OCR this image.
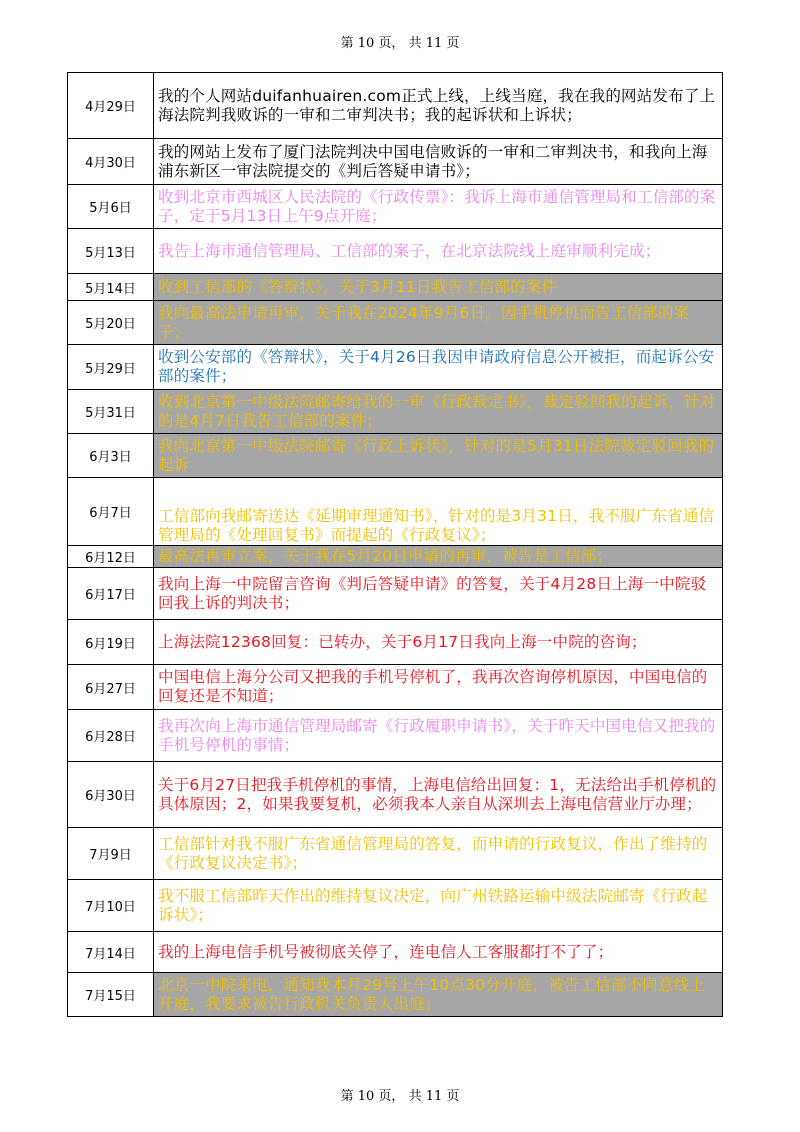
第 10 页， 共 11 页
4月29日	我的个人网站duifanhuairen.com正式上线，上线当庭，我在我的网站发布了上海法院判我败诉的一审和二审判决书；我的起诉状和上诉状；
4月30日	我的网站上发布了厦门法院判决中国电信败诉的一审和二审判决书，和我向上海浦东新区一审法院提交的《判后答疑申请书》；
5月6日	收到北京市西城区人民法院的《行政传票》：我诉上海市通信管理局和工信部的案子，定于5月13日上午9点开庭；
5月13日	我告上海市通信管理局、工信部的案子，在北京法院线上庭审顺利完成；
5月14日	收到工信部的《答辩状》，关于3月11日我告工信部的案件
5月20日	我向最高法申请再审，关于我在2024年9月6日，因手机停机而告工信部的案子；
5月29日	收到公安部的《答辩状》，关于4月26日我因申请政府信息公开被拒，而起诉公安部的案件；
5月31日	收到北京第一中级法院邮寄给我的一审《行政裁定书》，裁定驳回我的起诉，针对的是4月7日我告工信部的案件；
6月3日	我向北京第一中级法院邮寄《行政上诉状》，针对的是5月31日法院裁定驳回我的起诉
6月7日	工信部向我邮寄送达《延期审理通知书》，针对的是3月31日，我不服广东省通信管理局的《处理回复书》而提起的《行政复议》；
6月12日	最高法再审立案，关于我在5月20日申请的再审，被告是工信部；
6月17日	我向上海一中院留言咨询《判后答疑申请》的答复，关于4月28日上海一中院驳回我上诉的判决书；
6月19日	上海法院12368回复：已转办，关于6月17日我向上海一中院的咨询；
6月27日	中国电信上海分公司又把我的手机号停机了，我再次咨询停机原因，中国电信的回复还是不知道；
6月28日	我再次向上海市通信管理局邮寄《行政履职申请书》，关于昨天中国电信又把我的手机号停机的事情；
6月30日	关于6月27日把我手机停机的事情，上海电信给出回复：1，无法给出手机停机的具体原因；2，如果我要复机，必须我本人亲自从深圳去上海电信营业厅办理；
7月9日	工信部针对我不服广东省通信管理局的答复，而申请的行政复议，作出了维持的《行政复议决定书》；
7月10日	我不服工信部昨天作出的维持复议决定，向广州铁路运输中级法院邮寄《行政起诉状》；
7月14日	我的上海电信手机号被彻底关停了，连电信人工客服都打不了了；
7月15日	北京一中院来电，通知我本月29号上午10点30分开庭，被告工信部不同意线上开庭，我要求被告行政机关负责人出庭；
第 10 页， 共 11 页
